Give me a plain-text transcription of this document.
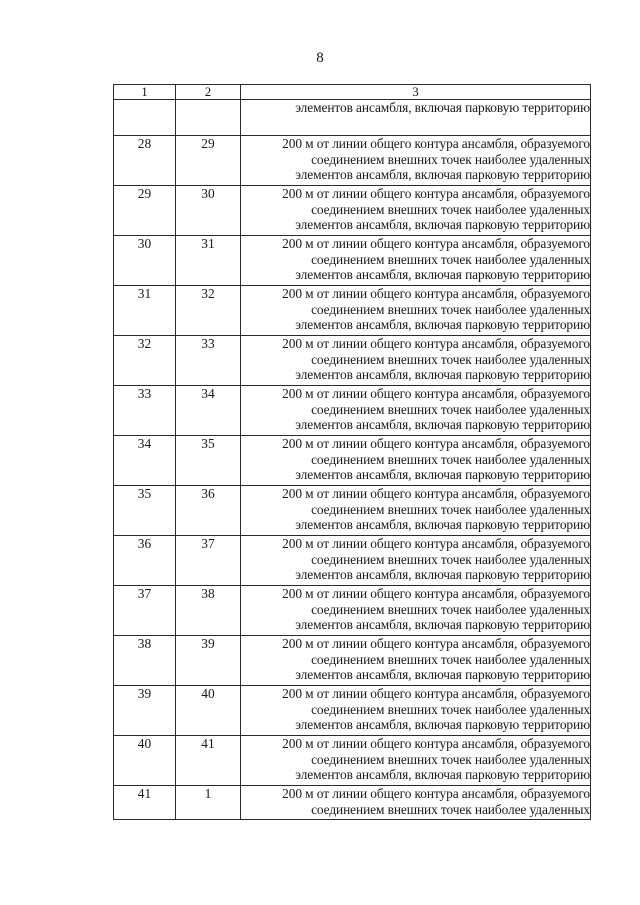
8
1	2	3

		элементов ансамбля, включая парковую территорию

28	29	200 м от линии общего контура ансамбля, образуемого
соединением внешних точек наиболее удаленных
элементов ансамбля, включая парковую территорию

29	30	200 м от линии общего контура ансамбля, образуемого
соединением внешних точек наиболее удаленных
элементов ансамбля, включая парковую территорию

30	31	200 м от линии общего контура ансамбля, образуемого
соединением внешних точек наиболее удаленных
элементов ансамбля, включая парковую территорию

31	32	200 м от линии общего контура ансамбля, образуемого
соединением внешних точек наиболее удаленных
элементов ансамбля, включая парковую территорию

32	33	200 м от линии общего контура ансамбля, образуемого
соединением внешних точек наиболее удаленных
элементов ансамбля, включая парковую территорию

33	34	200 м от линии общего контура ансамбля, образуемого
соединением внешних точек наиболее удаленных
элементов ансамбля, включая парковую территорию

34	35	200 м от линии общего контура ансамбля, образуемого
соединением внешних точек наиболее удаленных
элементов ансамбля, включая парковую территорию

35	36	200 м от линии общего контура ансамбля, образуемого
соединением внешних точек наиболее удаленных
элементов ансамбля, включая парковую территорию

36	37	200 м от линии общего контура ансамбля, образуемого
соединением внешних точек наиболее удаленных
элементов ансамбля, включая парковую территорию

37	38	200 м от линии общего контура ансамбля, образуемого
соединением внешних точек наиболее удаленных
элементов ансамбля, включая парковую территорию

38	39	200 м от линии общего контура ансамбля, образуемого
соединением внешних точек наиболее удаленных
элементов ансамбля, включая парковую территорию

39	40	200 м от линии общего контура ансамбля, образуемого
соединением внешних точек наиболее удаленных
элементов ансамбля, включая парковую территорию

40	41	200 м от линии общего контура ансамбля, образуемого
соединением внешних точек наиболее удаленных
элементов ансамбля, включая парковую территорию

41	1	200 м от линии общего контура ансамбля, образуемого
соединением внешних точек наиболее удаленных
